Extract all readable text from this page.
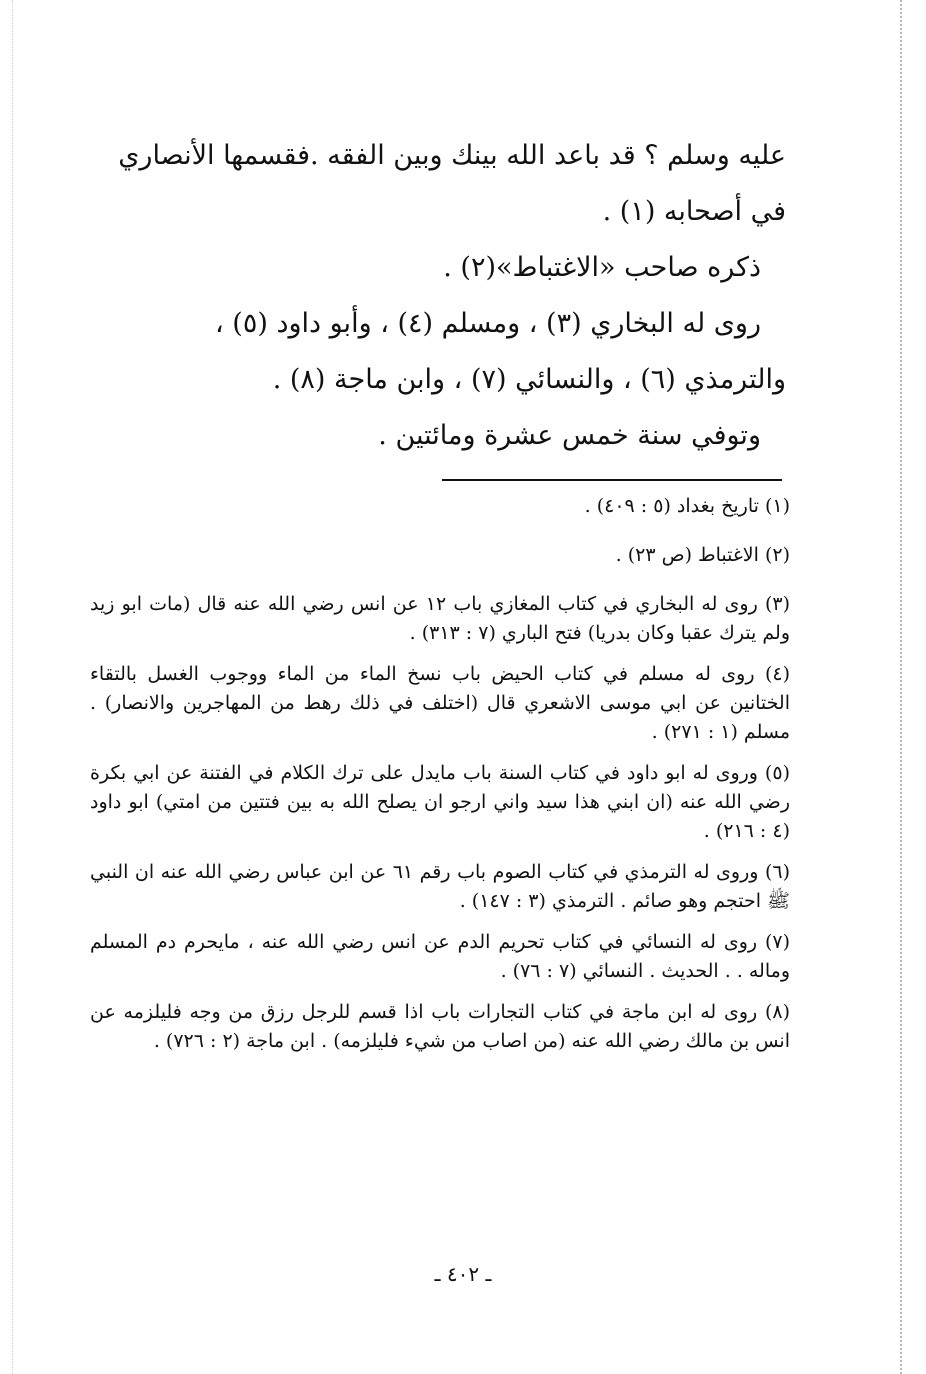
عليه وسلم ؟ قد باعد الله بينك وبين الفقه .فقسمها الأنصاري

في أصحابه (١) .

ذكره صاحب «الاغتباط»(٢) .

روى له البخاري (٣) ، ومسلم (٤) ، وأبو داود (٥) ،

والترمذي (٦) ، والنسائي (٧) ، وابن ماجة (٨) .

وتوفي سنة خمس عشرة ومائتين .

(١) تاريخ بغداد (٥ : ٤٠٩) .

(٢) الاغتباط (ص ٢٣) .

(٣) روى له البخاري في كتاب المغازي باب ١٢ عن انس رضي الله عنه قال (مات ابو زيد ولم يترك عقبا وكان بدريا) فتح الباري (٧ : ٣١٣) .

(٤) روى له مسلم في كتاب الحيض باب نسخ الماء من الماء ووجوب الغسل بالتقاء الختانين عن ابي موسى الاشعري قال (اختلف في ذلك رهط من المهاجرين والانصار) . مسلم (١ : ٢٧١) .

(٥) وروى له ابو داود في كتاب السنة باب مايدل على ترك الكلام في الفتنة عن ابي بكرة رضي الله عنه (ان ابني هذا سيد واني ارجو ان يصلح الله به بين فتتين من امتي) ابو داود (٤ : ٢١٦) .

(٦) وروى له الترمذي في كتاب الصوم باب رقم ٦١ عن ابن عباس رضي الله عنه ان النبي ﷺ احتجم وهو صائم . الترمذي (٣ : ١٤٧) .

(٧) روى له النسائي في كتاب تحريم الدم عن انس رضي الله عنه ، مايحرم دم المسلم وماله . . الحديث . النسائي (٧ : ٧٦) .

(٨) روى له ابن ماجة في كتاب التجارات باب اذا قسم للرجل رزق من وجه فليلزمه عن انس بن مالك رضي الله عنه (من اصاب من شيء فليلزمه) . ابن ماجة (٢ : ٧٢٦) .

ـ ٤٠٢ ـ
